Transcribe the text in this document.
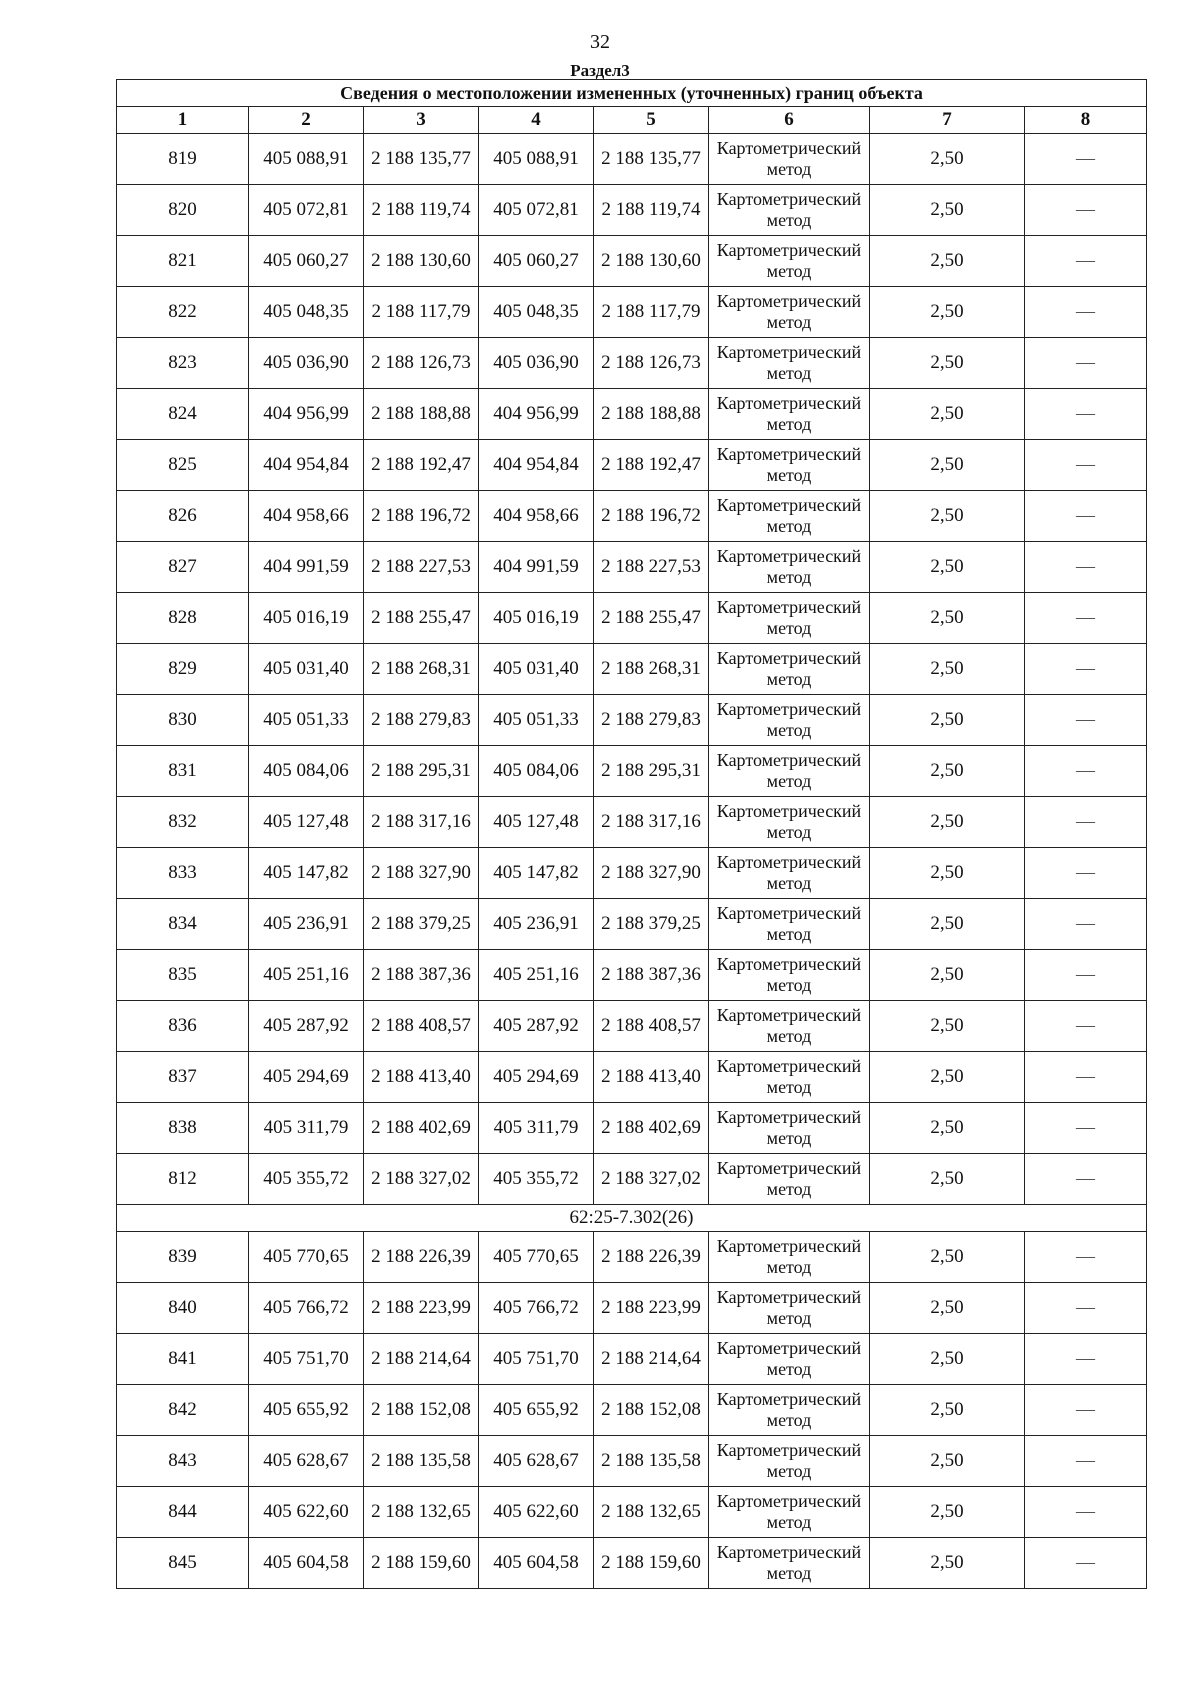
32
Раздел3
Сведения о местоположении измененных (уточненных) границ объекта							
1	2	3	4	5	6	7	8
819	405 088,91	2 188 135,77	405 088,91	2 188 135,77	Картометрический метод	2,50	—
820	405 072,81	2 188 119,74	405 072,81	2 188 119,74	Картометрический метод	2,50	—
821	405 060,27	2 188 130,60	405 060,27	2 188 130,60	Картометрический метод	2,50	—
822	405 048,35	2 188 117,79	405 048,35	2 188 117,79	Картометрический метод	2,50	—
823	405 036,90	2 188 126,73	405 036,90	2 188 126,73	Картометрический метод	2,50	—
824	404 956,99	2 188 188,88	404 956,99	2 188 188,88	Картометрический метод	2,50	—
825	404 954,84	2 188 192,47	404 954,84	2 188 192,47	Картометрический метод	2,50	—
826	404 958,66	2 188 196,72	404 958,66	2 188 196,72	Картометрический метод	2,50	—
827	404 991,59	2 188 227,53	404 991,59	2 188 227,53	Картометрический метод	2,50	—
828	405 016,19	2 188 255,47	405 016,19	2 188 255,47	Картометрический метод	2,50	—
829	405 031,40	2 188 268,31	405 031,40	2 188 268,31	Картометрический метод	2,50	—
830	405 051,33	2 188 279,83	405 051,33	2 188 279,83	Картометрический метод	2,50	—
831	405 084,06	2 188 295,31	405 084,06	2 188 295,31	Картометрический метод	2,50	—
832	405 127,48	2 188 317,16	405 127,48	2 188 317,16	Картометрический метод	2,50	—
833	405 147,82	2 188 327,90	405 147,82	2 188 327,90	Картометрический метод	2,50	—
834	405 236,91	2 188 379,25	405 236,91	2 188 379,25	Картометрический метод	2,50	—
835	405 251,16	2 188 387,36	405 251,16	2 188 387,36	Картометрический метод	2,50	—
836	405 287,92	2 188 408,57	405 287,92	2 188 408,57	Картометрический метод	2,50	—
837	405 294,69	2 188 413,40	405 294,69	2 188 413,40	Картометрический метод	2,50	—
838	405 311,79	2 188 402,69	405 311,79	2 188 402,69	Картометрический метод	2,50	—
812	405 355,72	2 188 327,02	405 355,72	2 188 327,02	Картометрический метод	2,50	—
62:25-7.302(26)							
839	405 770,65	2 188 226,39	405 770,65	2 188 226,39	Картометрический метод	2,50	—
840	405 766,72	2 188 223,99	405 766,72	2 188 223,99	Картометрический метод	2,50	—
841	405 751,70	2 188 214,64	405 751,70	2 188 214,64	Картометрический метод	2,50	—
842	405 655,92	2 188 152,08	405 655,92	2 188 152,08	Картометрический метод	2,50	—
843	405 628,67	2 188 135,58	405 628,67	2 188 135,58	Картометрический метод	2,50	—
844	405 622,60	2 188 132,65	405 622,60	2 188 132,65	Картометрический метод	2,50	—
845	405 604,58	2 188 159,60	405 604,58	2 188 159,60	Картометрический метод	2,50	—
